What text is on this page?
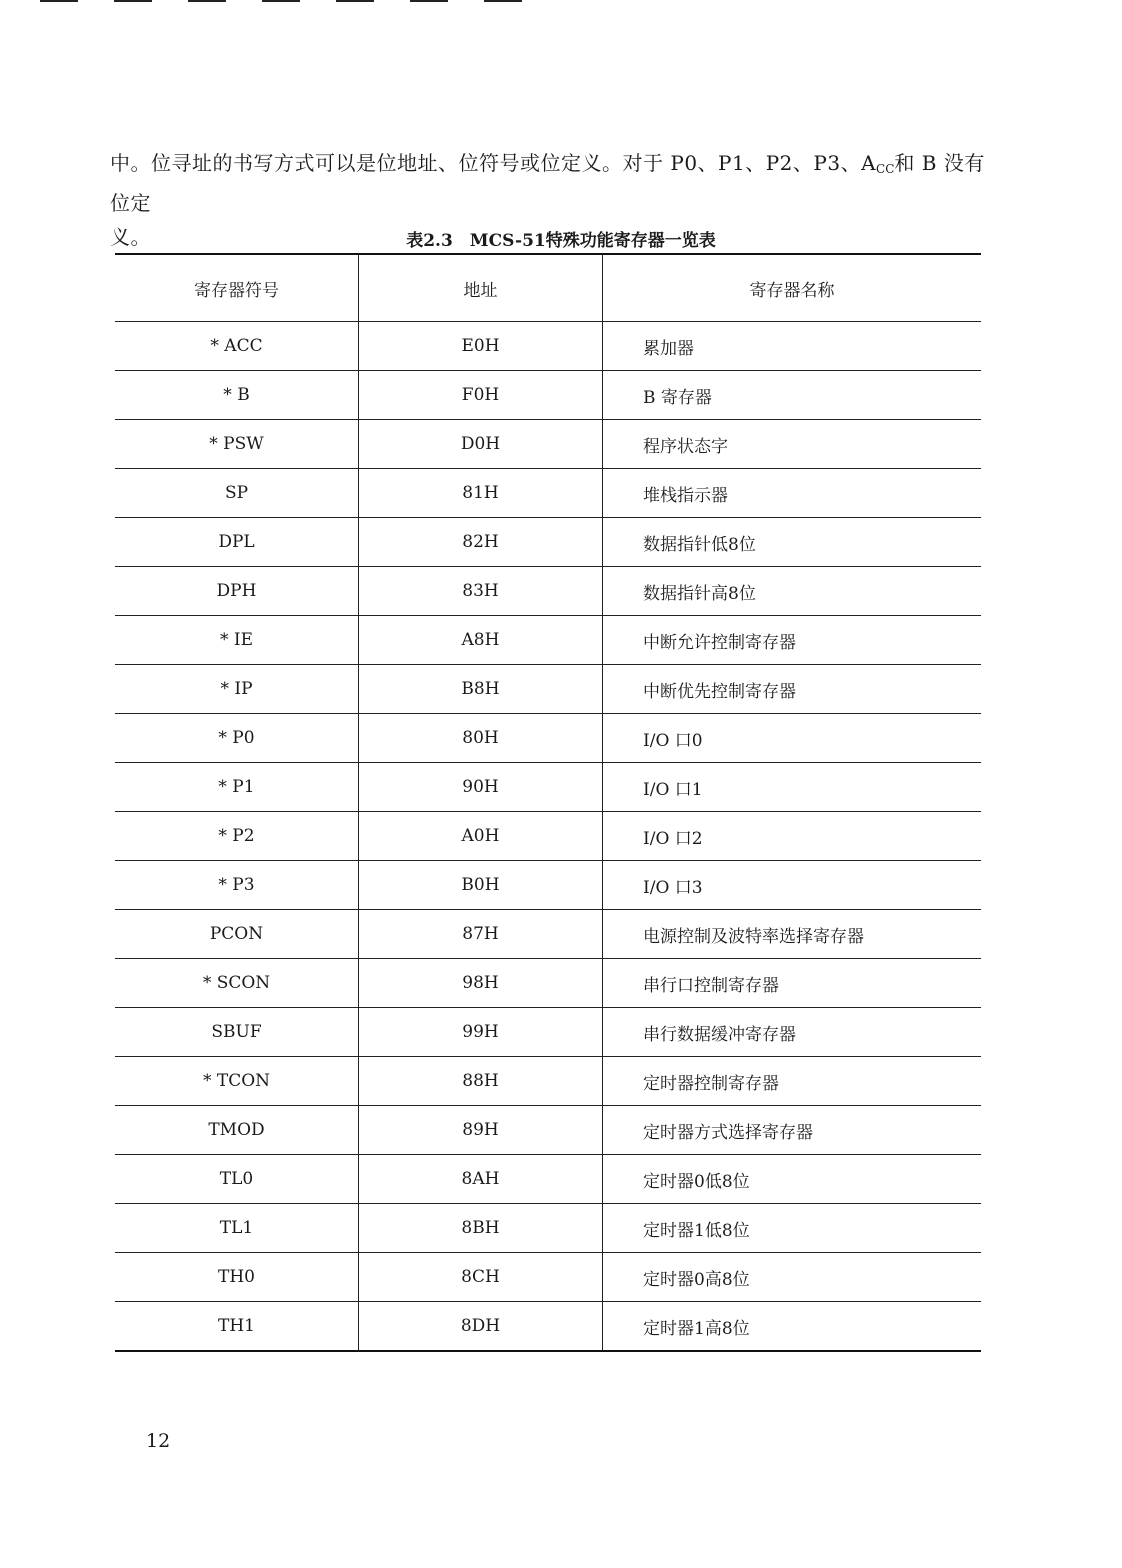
中。位寻址的书写方式可以是位地址、位符号或位定义。对于 P0、P1、P2、P3、$A_{CC}$和 B 没有位定
义。	表2.3　MCS-51特殊功能寄存器一览表
寄存器符号	地址	寄存器名称
* ACC	E0H	累加器
* B	F0H	B 寄存器
* PSW	D0H	程序状态字
SP	81H	堆栈指示器
DPL	82H	数据指针低8位
DPH	83H	数据指针高8位
* IE	A8H	中断允许控制寄存器
* IP	B8H	中断优先控制寄存器
* P0	80H	I/O 口0
* P1	90H	I/O 口1
* P2	A0H	I/O 口2
* P3	B0H	I/O 口3
PCON	87H	电源控制及波特率选择寄存器
* SCON	98H	串行口控制寄存器
SBUF	99H	串行数据缓冲寄存器
* TCON	88H	定时器控制寄存器
TMOD	89H	定时器方式选择寄存器
TL0	8AH	定时器0低8位
TL1	8BH	定时器1低8位
TH0	8CH	定时器0高8位
TH1	8DH	定时器1高8位
12
